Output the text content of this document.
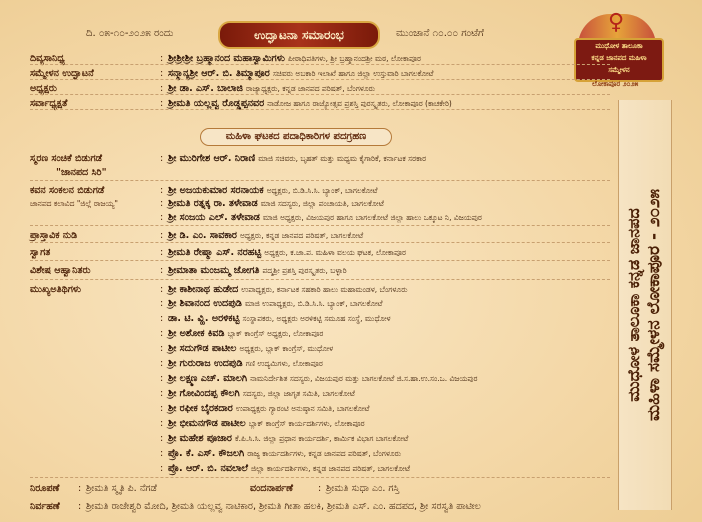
♀
ಮುಧೋಳ ತಾಲೂಕಾ
ಕನ್ನಡ ಜಾನಪದ ಮಹಿಳಾ
ಸಮ್ಮೇಳನ
ಲೋಕಾಪೂರ ೨೦೨೫
ಮುಧೋಳ ತಾಲೂಕಾ ಕನ್ನಡ ಜಾನಪದ ಮಹಿಳಾ ಸಮ್ಮೇಳನ ಲೋಕಾಪೂರ - ೨೦೨೫
ದಿ. ೦೫-೧೦-೨೦೨೫ ರಂದು	ಉದ್ಘಾಟನಾ ಸಮಾರಂಭ	ಮುಂಜಾನೆ ೧೦.೦೦ ಗಂಟೆಗೆ
ದಿವ್ಯಸಾನಿಧ್ಯ	: ಶ್ರೀಶ್ರೀಶ್ರೀ ಬ್ರಹ್ಮಾನಂದ ಮಹಾಸ್ವಾಮಿಗಳು ಪೀಠಾಧಿಪತಿಗಳು, ಶ್ರೀ ಬ್ರಹ್ಮಾನಂದಶ್ರೀ ಮಠ, ಲೋಕಾಪೂರ
ಸಮ್ಮೇಳನ ಉದ್ಘಾಟನೆ	: ಸನ್ಮಾನ್ಯಶ್ರೀ ಆರ್. ಬಿ. ತಿಮ್ಮಾಪೂರ ಸಚಿವರು ಅಬಕಾರಿ ಇಲಾಖೆ ಹಾಗೂ ಜಿಲ್ಲಾ ಉಸ್ತುವಾರಿ ಬಾಗಲಕೋಟೆ
ಅಧ್ಯಕ್ಷರು	: ಶ್ರೀ ಡಾ. ಎಸ್. ಬಾಲಾಜಿ ರಾಜ್ಯಾಧ್ಯಕ್ಷರು, ಕನ್ನಡ ಜಾನಪದ ಪರಿಷತ್, ಬೆಂಗಳೂರು
ಸರ್ವಾಧ್ಯಕ್ಷತೆ	: ಶ್ರೀಮತಿ ಯಲ್ಲವ್ವ ರೊಡ್ಡಪ್ಪನವರ ನಾಡೋಜ ಹಾಗೂ ರಾಜ್ಯೋತ್ಸವ ಪ್ರಶಸ್ತಿ ಪುರಸ್ಕೃತರು, ಲೋಕಾಪೂರ (ಕಾಚಕೇರಿ)
ಮಹಿಳಾ ಘಟಕದ ಪದಾಧಿಕಾರಿಗಳ ಪದಗ್ರಹಣ
ಸ್ಮರಣ ಸಂಚಿಕೆ ಬಿಡುಗಡೆ	: ಶ್ರೀ ಮುರಿಗೇಶ ಆರ್. ನಿರಾಣಿ ಮಾಜಿ ಸಚಿವರು, ಬೃಹತ್ ಮತ್ತು ಮಧ್ಯಮ ಕೈಗಾರಿಕೆ, ಕರ್ನಾಟಕ ಸರಕಾರ
"ಜಾನಪದ ಸಿರಿ"
ಕವನ ಸಂಕಲನ ಬಿಡುಗಡೆ	: ಶ್ರೀ ಅಜಯಕುಮಾರ ಸರನಾಯಕ ಅಧ್ಯಕ್ಷರು, ಬಿ.ಡಿ.ಸಿ.ಸಿ. ಬ್ಯಾಂಕ್, ಬಾಗಲಕೋಟೆ
ಜಾನಪದ ಕಲಾವಿದ "ಜಿಲ್ಲೆ ರಾಜಯ್ಯ"	: ಶ್ರೀಮತಿ ರತ್ನಕ್ಕ ರಾ. ತಳೇವಾಡ ಮಾಜಿ ಸದಸ್ಯರು, ಜಿಲ್ಲಾ ಪಂಚಾಯತಿ, ಬಾಗಲಕೋಟೆ
: ಶ್ರೀ ಸಂಜಯ ಎಲ್. ತಳೇವಾಡ ಮಾಜಿ ಅಧ್ಯಕ್ಷರು, ವಿಜಯಪುರ ಹಾಗೂ ಬಾಗಲಕೋಟೆ ಜಿಲ್ಲಾ ಹಾಲು ಒಕ್ಕೂಟ ನಿ, ವಿಜಯಪುರ
ಪ್ರಾಸ್ತಾವಿಕ ನುಡಿ	: ಶ್ರೀ ಡಿ. ಎಂ. ಸಾವಕಾರ ಅಧ್ಯಕ್ಷರು, ಕನ್ನಡ ಜಾನಪದ ಪರಿಷತ್, ಬಾಗಲಕೋಟೆ
ಸ್ವಾಗತ	: ಶ್ರೀಮತಿ ರೇಷ್ಮಾ ಎಸ್. ನರಹಟ್ಟಿ ಅಧ್ಯಕ್ಷರು, ಕ.ಜಾ.ಪ. ಮಹಿಳಾ ವಲಯ ಘಟಕ, ಲೋಕಾಪೂರ
ವಿಶೇಷ ಆಹ್ವಾನಿತರು	: ಶ್ರೀಮಾತಾ ಮಂಜಮ್ಮ ಜೋಗತಿ ಪದ್ಮಶ್ರೀ ಪ್ರಶಸ್ತಿ ಪುರಸ್ಕೃತರು, ಬಳ್ಳಾರಿ
ಮುಖ್ಯಅತಿಥಿಗಳು	: ಶ್ರೀ ಕಾಶೀನಾಥ ಹುಡೇದ ಉಪಾಧ್ಯಕ್ಷರು, ಕರ್ನಾಟಕ ಸಹಕಾರಿ ಹಾಲು ಮಹಾಮಂಡಳ, ಬೆಂಗಳೂರು
: ಶ್ರೀ ಶಿವಾನಂದ ಉದಪುಡಿ ಮಾಜಿ ಉಪಾಧ್ಯಕ್ಷರು, ಬಿ.ಡಿ.ಸಿ.ಸಿ. ಬ್ಯಾಂಕ್, ಬಾಗಲಕೋಟೆ
: ಡಾ. ಟಿ. ವ್ಹಿ. ಅರಳಿಕಟ್ಟಿ ಸಂಸ್ಥಾಪಕರು, ಅಧ್ಯಕ್ಷರು ಅರಳಿಕಟ್ಟಿ ಸಮೂಹ ಸಂಸ್ಥೆ, ಮುಧೋಳ
: ಶ್ರೀ ಅಶೋಕ ಕಿವಡಿ ಬ್ಲಾಕ್ ಕಾಂಗ್ರೆಸ್ ಅಧ್ಯಕ್ಷರು, ಲೋಕಾಪೂರ
: ಶ್ರೀ ಸದುಗೌಡ ಪಾಟೀಲ ಅಧ್ಯಕ್ಷರು, ಬ್ಲಾಕ್ ಕಾಂಗ್ರೆಸ್, ಮುಧೋಳ
: ಶ್ರೀ ಗುರುರಾಜ ಉದಪುಡಿ ಗಣಿ ಉದ್ಯಮಿಗಳು, ಲೋಕಾಪೂರ
: ಶ್ರೀ ಲಕ್ಷ್ಮಣ ಎಚ್. ಮಾಲಗಿ ನಾಮನಿರ್ದೇಶಿತ ಸದಸ್ಯರು, ವಿಜಯಪುರ ಮತ್ತು ಬಾಗಲಕೋಟೆ ಜಿ.ಸ.ಹಾ.ಉ.ಸಂ.ಒ. ವಿಜಯಪುರ
: ಶ್ರೀ ಗೋವಿಂದಪ್ಪ ಕೌಲಗಿ ಸದಸ್ಯರು, ಜಿಲ್ಲಾ ಜಾಗೃತ ಸಮಿತಿ, ಬಾಗಲಕೋಟೆ
: ಶ್ರೀ ರಫೀಕ ಬೈರಕದಾರ ಉಪಾಧ್ಯಕ್ಷರು ಗ್ಯಾರಂಟಿ ಅನುಷ್ಠಾನ ಸಮಿತಿ, ಬಾಗಲಕೋಟೆ
: ಶ್ರೀ ಭೀಮನಗೌಡ ಪಾಟೀಲ ಬ್ಲಾಕ್ ಕಾಂಗ್ರೆಸ್ ಕಾರ್ಯದರ್ಶಿಗಳು, ಲೋಕಾಪೂರ
: ಶ್ರೀ ಮಹೇಶ ಪೂಜಾರ ಕೆ.ಪಿ.ಸಿ.ಸಿ. ಜಿಲ್ಲಾ ಪ್ರಧಾನ ಕಾರ್ಯದರ್ಶಿ, ಕಾರ್ಮಿಕ ವಿಭಾಗ ಬಾಗಲಕೋಟೆ
: ಪ್ರೊ. ಕೆ. ಎಸ್. ಕೌಜಲಗಿ ರಾಜ್ಯ ಕಾರ್ಯದರ್ಶಿಗಳು, ಕನ್ನಡ ಜಾನಪದ ಪರಿಷತ್, ಬೆಂಗಳೂರು
: ಪ್ರೊ. ಆರ್. ಬಿ. ನವಲಾಲೆ ಜಿಲ್ಲಾ ಕಾರ್ಯದರ್ಶಿಗಳು, ಕನ್ನಡ ಜಾನಪದ ಪರಿಷತ್, ಬಾಗಲಕೋಟೆ
ನಿರೂಪಣೆ : ಶ್ರೀಮತಿ ಸ್ಮೃತಿ ಪಿ. ನೆಗಡೆ	ವಂದನಾರ್ಪಣೆ	: ಶ್ರೀಮತಿ ಸುಧಾ ಎಂ. ಗಸ್ತಿ
ನಿರ್ವಹಣೆ : ಶ್ರೀಮತಿ ರಾಜೇಶ್ವರಿ ಮೋದಿ, ಶ್ರೀಮತಿ ಯಲ್ಲವ್ವ ನಾಟಿಕಾರ, ಶ್ರೀಮತಿ ಗೀತಾ ಹಲಕಿ, ಶ್ರೀಮತಿ ಎಸ್. ಎಂ. ಹದಪದ, ಶ್ರೀ ಸರಸ್ವತಿ ಪಾಟೀಲ
